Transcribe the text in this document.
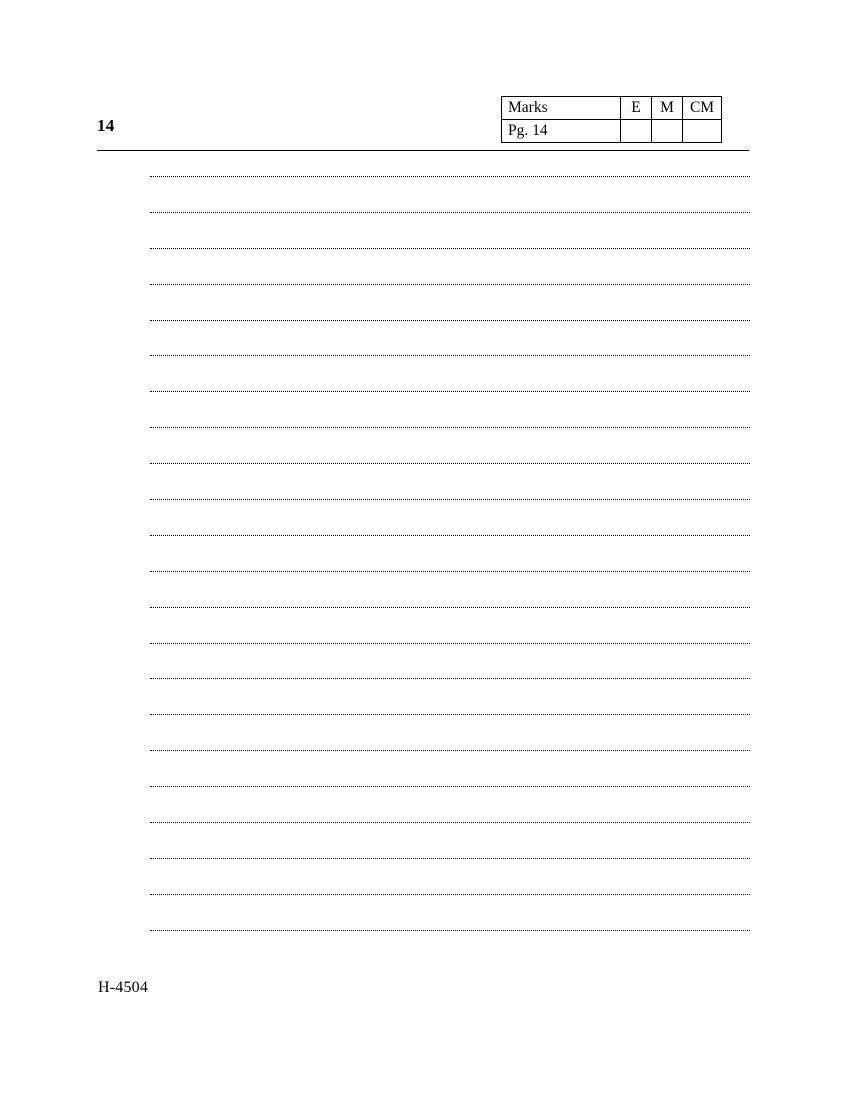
14
Marks	E	M	CM
Pg. 14			
H-4504
